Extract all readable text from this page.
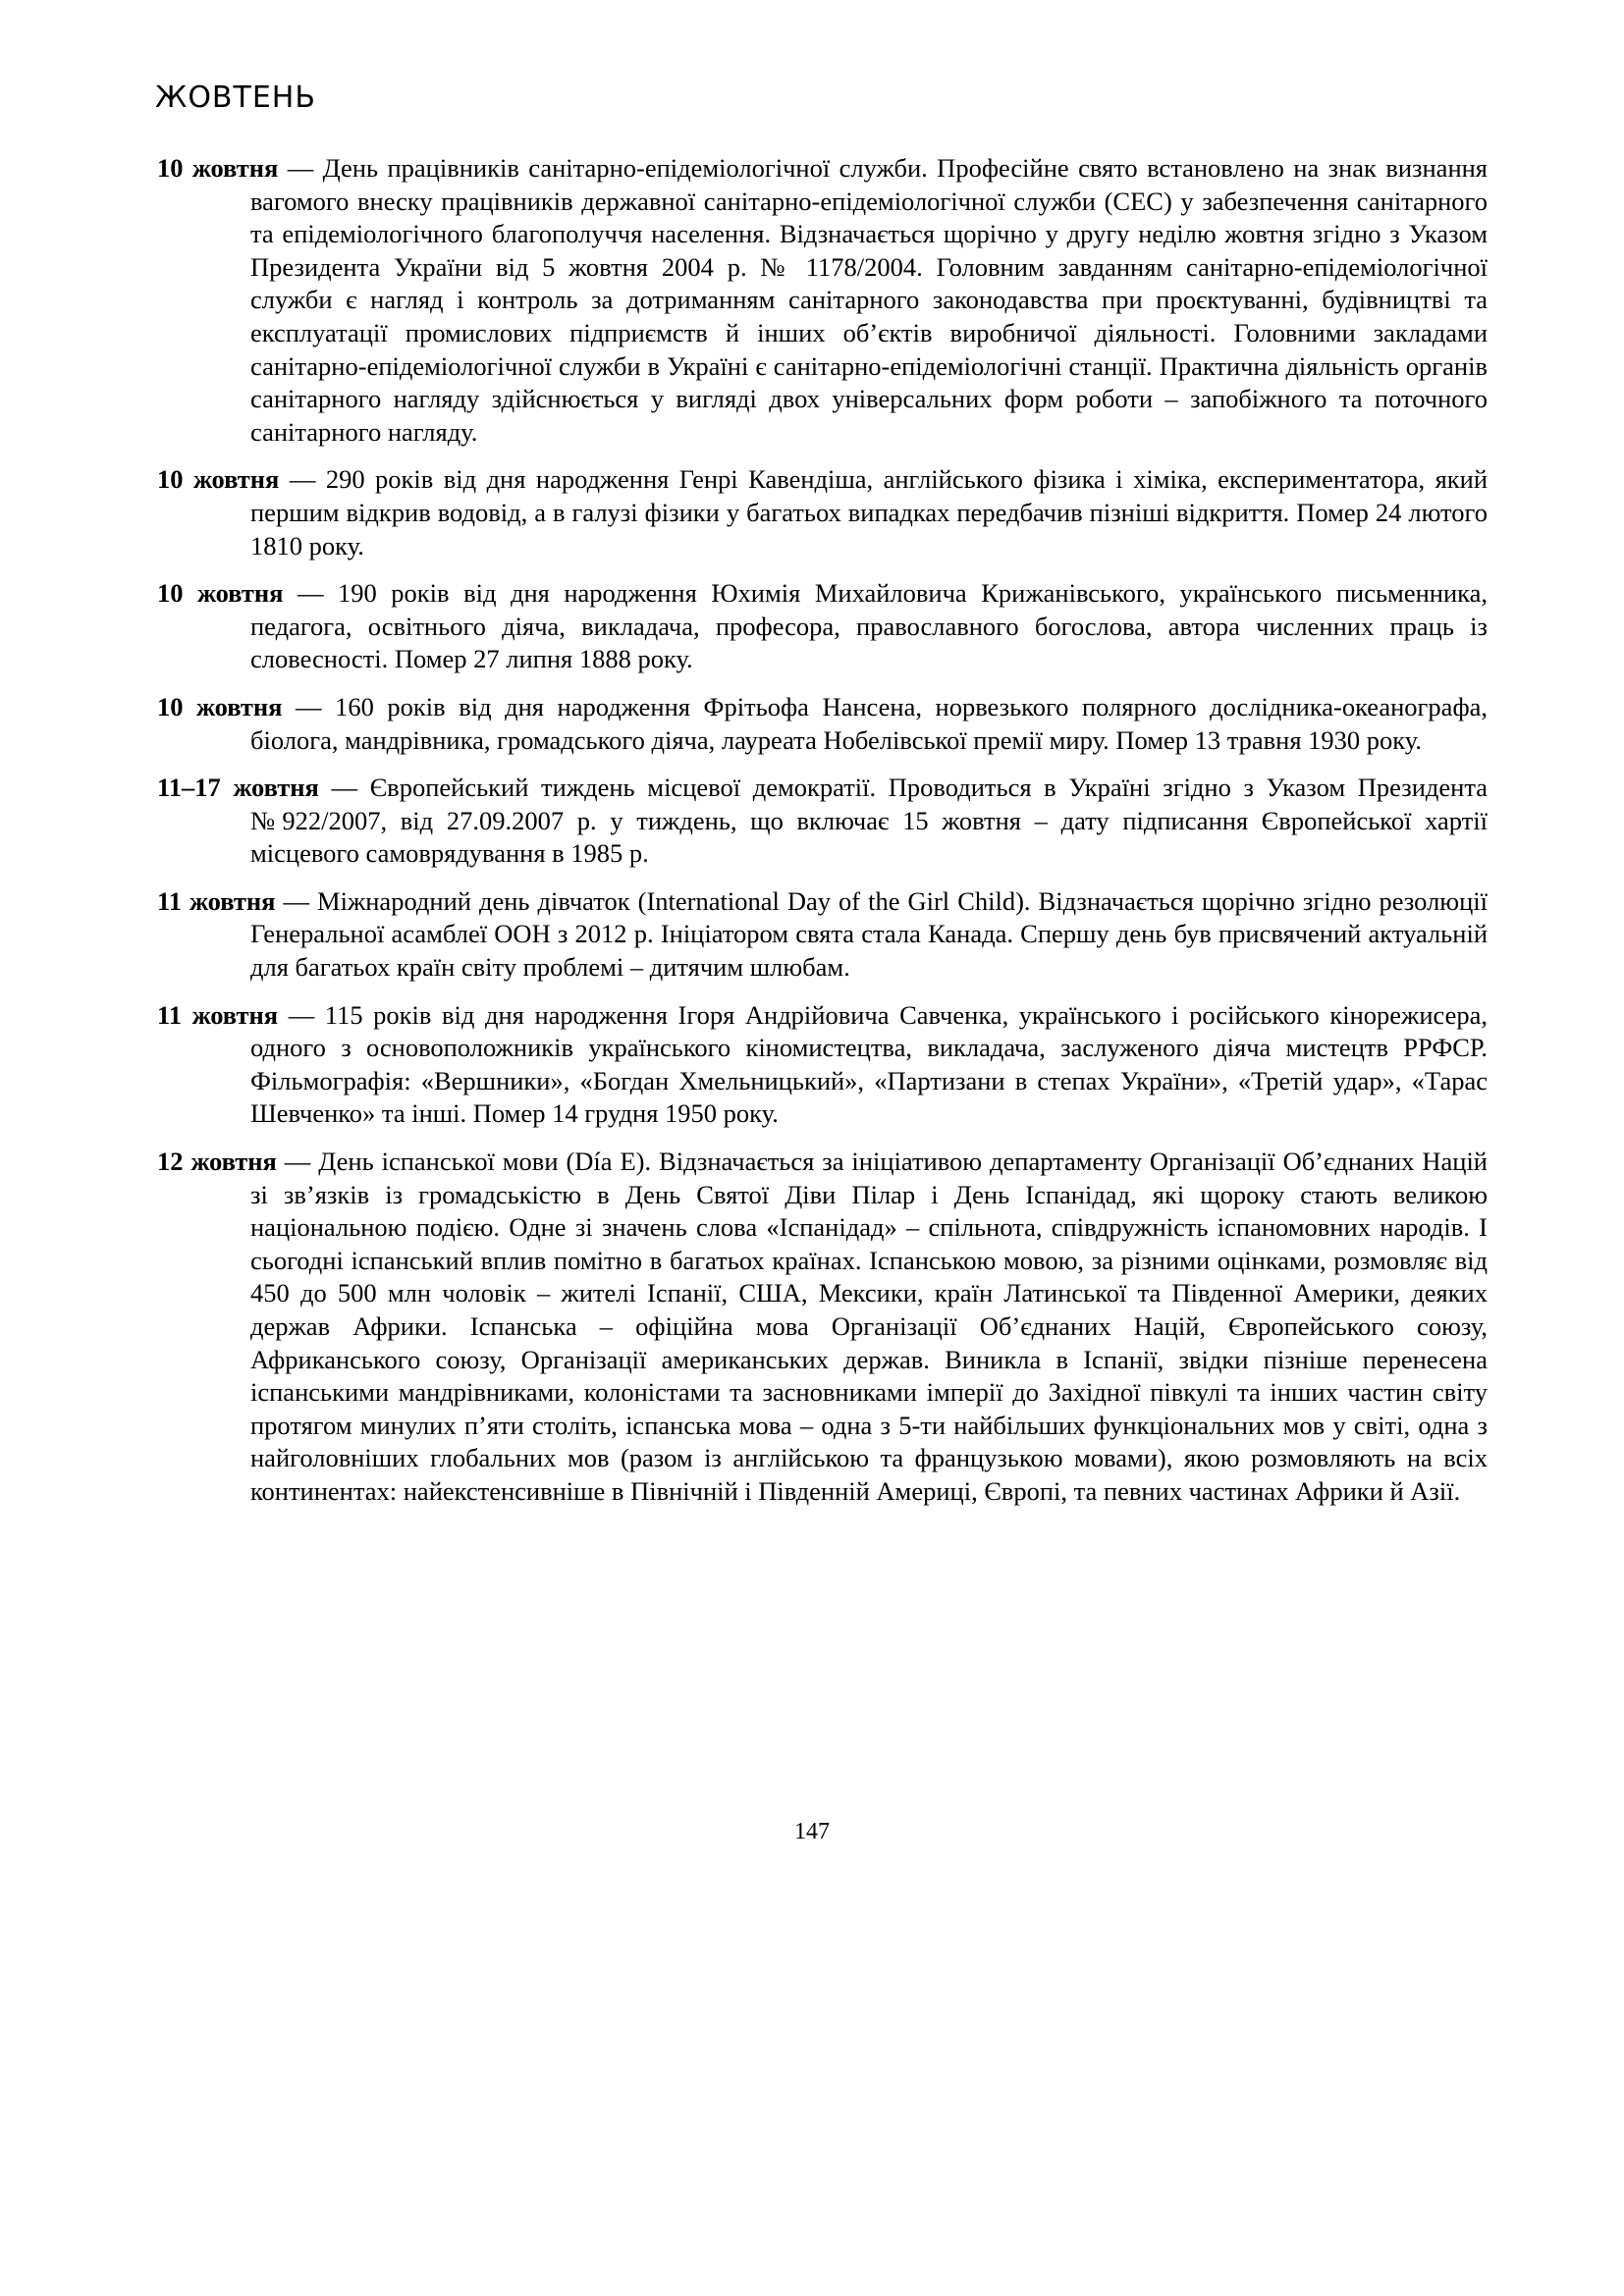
ЖОВТЕНЬ

10 жовтня — День працівників санітарно-епідеміологічної служби. Професійне свято встановлено на знак визнання вагомого внеску працівників державної санітарно-епідеміологічної служби (СЕС) у забезпечення санітарного та епідеміологічного благополуччя населення. Відзначається щорічно у другу неділю жовтня згідно з Указом Президента України від 5 жовтня 2004 р. № 1178/2004. Головним завданням санітарно-епідеміологічної служби є нагляд і контроль за дотриманням санітарного законодавства при проєктуванні, будівництві та експлуатації промислових підприємств й інших об’єктів виробничої діяльності. Головними закладами санітарно-епідеміологічної служби в Україні є санітарно-епідеміологічні станції. Практична діяльність органів санітарного нагляду здійснюється у вигляді двох універсальних форм роботи – запобіжного та поточного санітарного нагляду.

10 жовтня — 290 років від дня народження Генрі Кавендіша, англійського фізика і хіміка, експериментатора, який першим відкрив водовід, а в галузі фізики у багатьох випадках передбачив пізніші відкриття. Помер 24 лютого 1810 року.

10 жовтня — 190 років від дня народження Юхимія Михайловича Крижанівського, українського письменника, педагога, освітнього діяча, викладача, професора, православного богослова, автора численних праць із словесності. Помер 27 липня 1888 року.

10 жовтня — 160 років від дня народження Фрітьофа Нансена, норвезького полярного дослідника-океанографа, біолога, мандрівника, громадського діяча, лауреата Нобелівської премії миру. Помер 13 травня 1930 року.

11–17 жовтня — Європейський тиждень місцевої демократії. Проводиться в Україні згідно з Указом Президента №922/2007, від 27.09.2007 р. у тиждень, що включає 15 жовтня – дату підписання Європейської хартії місцевого самоврядування в 1985 р.

11 жовтня — Міжнародний день дівчаток (International Day of the Girl Child). Відзначається щорічно згідно резолюції Генеральної асамблеї ООН з 2012 р. Ініціатором свята стала Канада. Спершу день був присвячений актуальній для багатьох країн світу проблемі – дитячим шлюбам.

11 жовтня — 115 років від дня народження Ігоря Андрійовича Савченка, українського і російського кінорежисера, одного з основоположників українського кіномистецтва, викладача, заслуженого діяча мистецтв РРФСР. Фільмографія: «Вершники», «Богдан Хмельницький», «Партизани в степах України», «Третій удар», «Тарас Шевченко» та інші. Помер 14 грудня 1950 року.

12 жовтня — День іспанської мови (Día E). Відзначається за ініціативою департаменту Організації Об’єднаних Націй зі зв’язків із громадськістю в День Святої Діви Пілар і День Іспанідад, які щороку стають великою національною подією. Одне зі значень слова «Іспанідад» – спільнота, співдружність іспаномовних народів. І сьогодні іспанський вплив помітно в багатьох країнах. Іспанською мовою, за різними оцінками, розмовляє від 450 до 500 млн чоловік – жителі Іспанії, США, Мексики, країн Латинської та Південної Америки, деяких держав Африки. Іспанська – офіційна мова Організації Об’єднаних Націй, Європейського союзу, Африканського союзу, Організації американських держав. Виникла в Іспанії, звідки пізніше перенесена іспанськими мандрівниками, колоністами та засновниками імперії до Західної півкулі та інших частин світу протягом минулих п’яти століть, іспанська мова – одна з 5-ти найбільших функціональних мов у світі, одна з найголовніших глобальних мов (разом із англійською та французькою мовами), якою розмовляють на всіх континентах: найекстенсивніше в Північній і Південній Америці, Європі, та певних частинах Африки й Азії.

147
